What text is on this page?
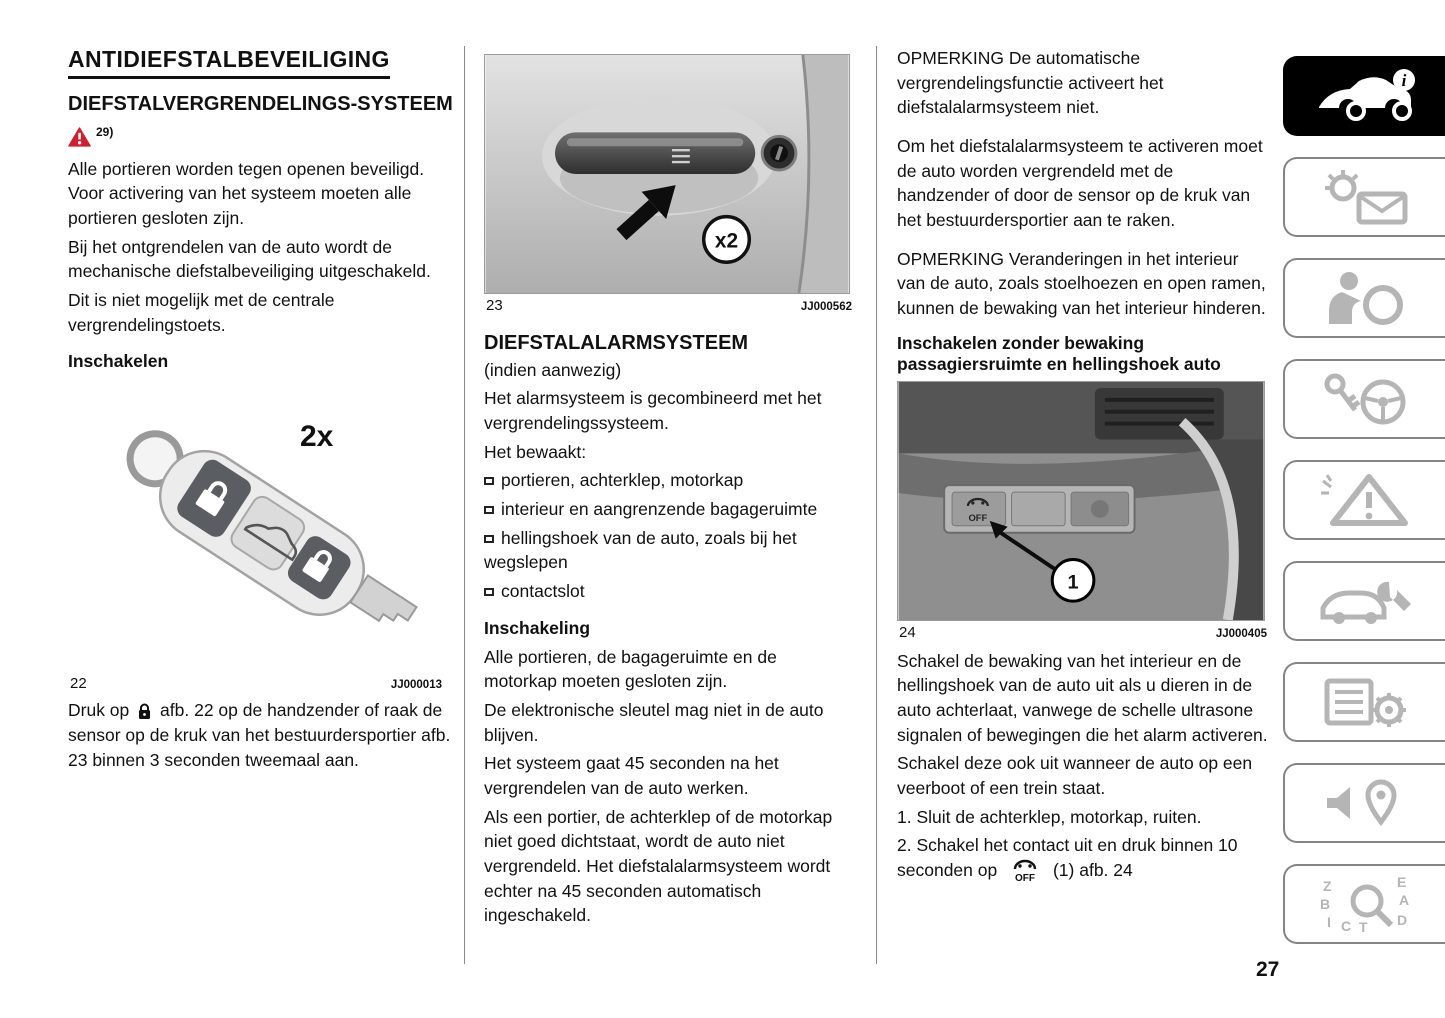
ANTIDIEFSTALBEVEILIGING
DIEFSTALVERGRENDELINGS-SYSTEEM
29)

Alle portieren worden tegen openen beveiligd. Voor activering van het systeem moeten alle portieren gesloten zijn.

Bij het ontgrendelen van de auto wordt de mechanische diefstalbeveiliging uitgeschakeld.

Dit is niet mogelijk met de centrale vergrendelingstoets.

Inschakelen
2x
22	JJ000013

Druk op afb. 22 op de handzender of raak de sensor op de kruk van het bestuurdersportier afb. 23 binnen 3 seconden tweemaal aan.

x2
23	JJ000562
DIEFSTALALARMSYSTEEM

(indien aanwezig)

Het alarmsysteem is gecombineerd met het vergrendelingssysteem.

Het bewaakt:

portieren, achterklep, motorkap
interieur en aangrenzende bagageruimte
hellingshoek van de auto, zoals bij het wegslepen
contactslot
Inschakeling

Alle portieren, de bagageruimte en de motorkap moeten gesloten zijn.

De elektronische sleutel mag niet in de auto blijven.

Het systeem gaat 45 seconden na het vergrendelen van de auto werken.

Als een portier, de achterklep of de motorkap niet goed dichtstaat, wordt de auto niet vergrendeld. Het diefstalalarmsysteem wordt echter na 45 seconden automatisch ingeschakeld.

OPMERKING De automatische vergrendelingsfunctie activeert het diefstalalarmsysteem niet.

Om het diefstalalarmsysteem te activeren moet de auto worden vergrendeld met de handzender of door de sensor op de kruk van het bestuurdersportier aan te raken.

OPMERKING Veranderingen in het interieur van de auto, zoals stoelhoezen en open ramen, kunnen de bewaking van het interieur hinderen.

Inschakelen zonder bewaking passagiersruimte en hellingshoek auto
OFF
1
24	JJ000405

Schakel de bewaking van het interieur en de hellingshoek van de auto uit als u dieren in de auto achterlaat, vanwege de schelle ultrasone signalen of bewegingen die het alarm activeren.

Schakel deze ook uit wanneer de auto op een veerboot of een trein staat.

1. Sluit de achterklep, motorkap, ruiten.

2. Schakel het contact uit en druk binnen 10 seconden op OFF (1) afb. 24

i
Z	E
B	A
I C T D
27
